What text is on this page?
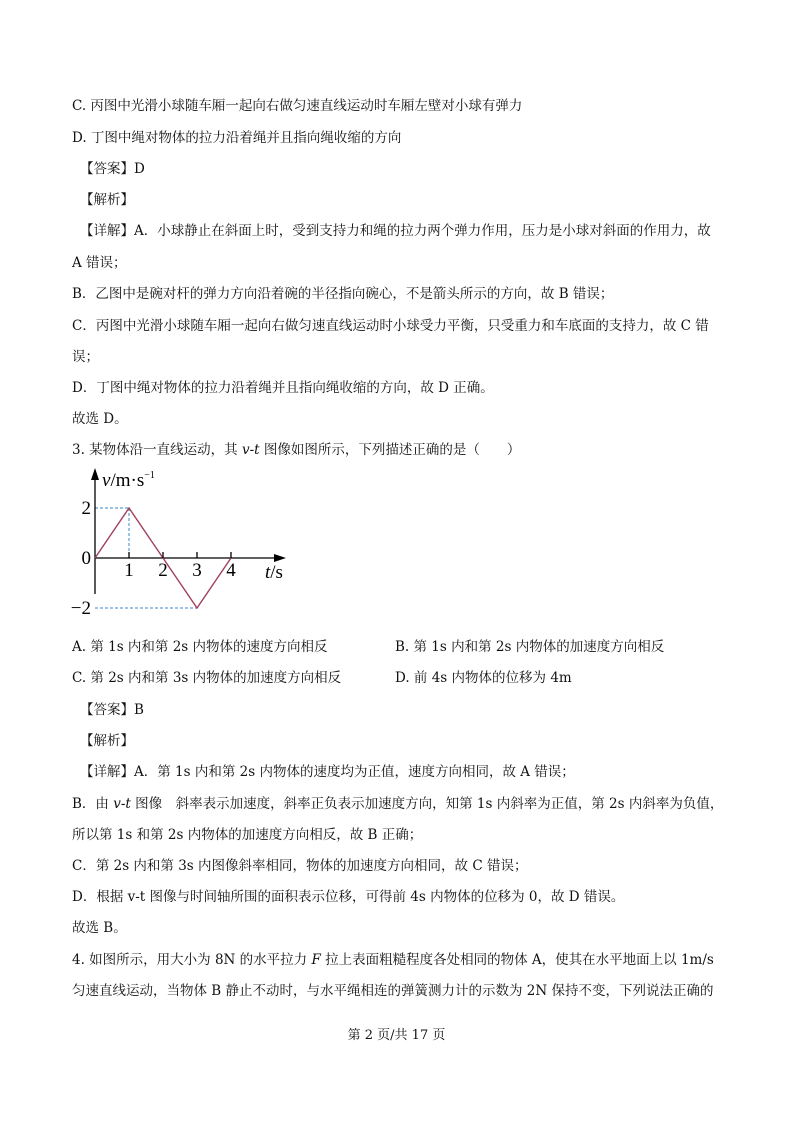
C. 丙图中光滑小球随车厢一起向右做匀速直线运动时车厢左壁对小球有弹力
D. 丁图中绳对物体的拉力沿着绳并且指向绳收缩的方向
【答案】D
【解析】
【详解】A．小球静止在斜面上时，受到支持力和绳的拉力两个弹力作用，压力是小球对斜面的作用力，故
A 错误；
B．乙图中是碗对杆的弹力方向沿着碗的半径指向碗心，不是箭头所示的方向，故 B 错误；
C．丙图中光滑小球随车厢一起向右做匀速直线运动时小球受力平衡，只受重力和车底面的支持力，故 C 错
误；
D．丁图中绳对物体的拉力沿着绳并且指向绳收缩的方向，故 D 正确。
故选 D。
3. 某物体沿一直线运动，其 v-t 图像如图所示，下列描述正确的是（　　）
1 2 3 4
2
0
−2
$v/m\cdot s^{-1}$
t/s
A. 第 1s 内和第 2s 内物体的速度方向相反	B. 第 1s 内和第 2s 内物体的加速度方向相反
C. 第 2s 内和第 3s 内物体的加速度方向相反	D. 前 4s 内物体的位移为 4m
【答案】B
【解析】
【详解】A．第 1s 内和第 2s 内物体的速度均为正值，速度方向相同，故 A 错误；
B．由 v-t 图像　斜率表示加速度，斜率正负表示加速度方向，知第 1s 内斜率为正值，第 2s 内斜率为负值，
所以第 1s 和第 2s 内物体的加速度方向相反，故 B 正确；
C．第 2s 内和第 3s 内图像斜率相同，物体的加速度方向相同，故 C 错误；
D．根据 v-t 图像与时间轴所围的面积表示位移，可得前 4s 内物体的位移为 0，故 D 错误。
故选 B。
4. 如图所示，用大小为 8N 的水平拉力 F 拉上表面粗糙程度各处相同的物体 A，使其在水平地面上以 1m/s
匀速直线运动，当物体 B 静止不动时，与水平绳相连的弹簧测力计的示数为 2N 保持不变，下列说法正确的
第 2 页/共 17 页
